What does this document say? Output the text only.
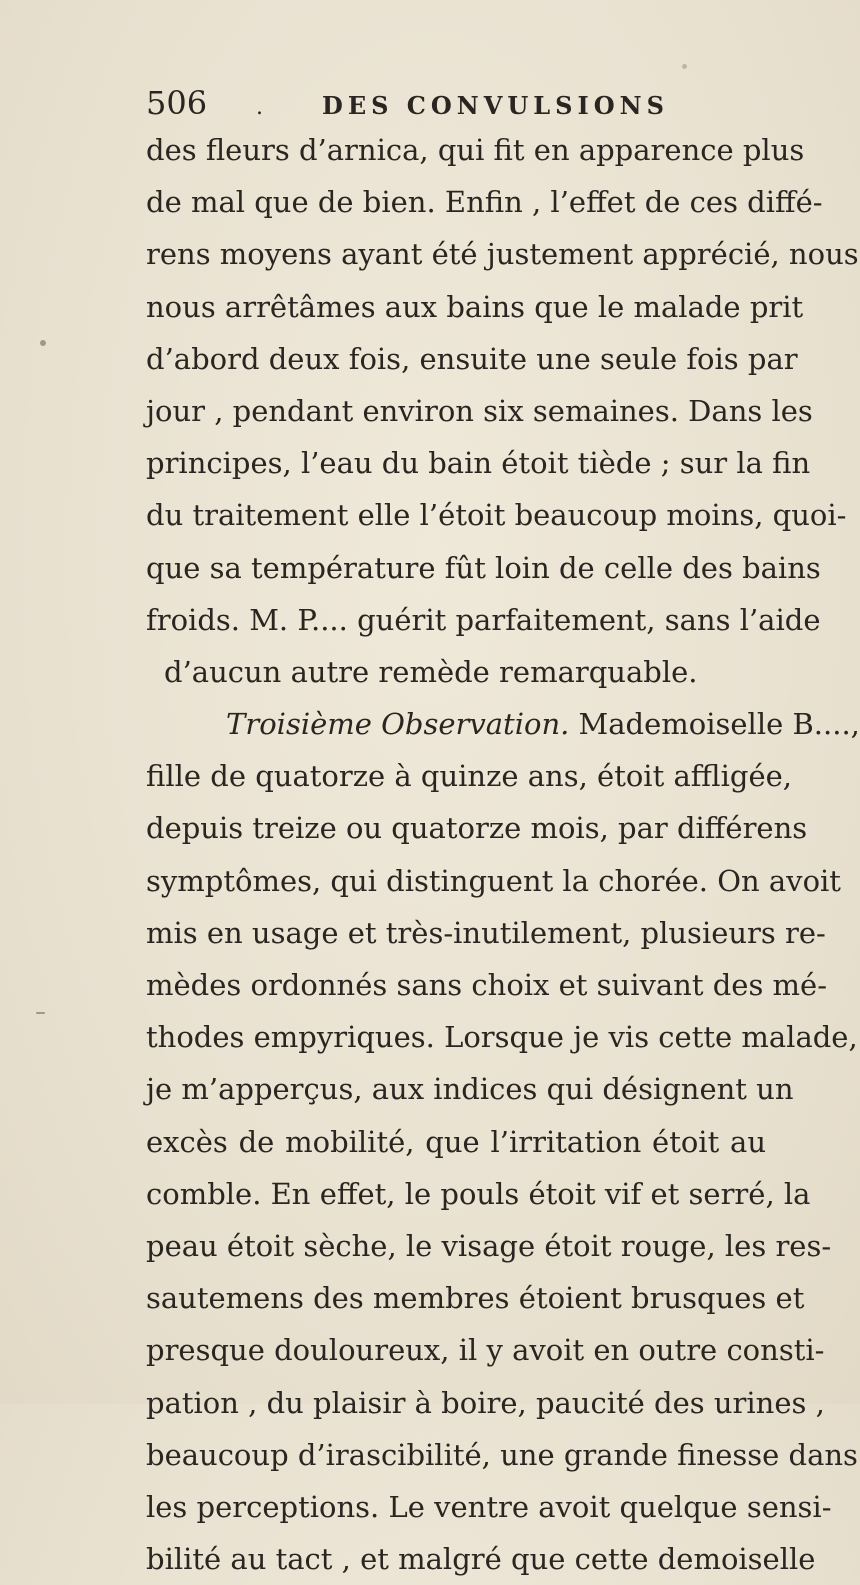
506	.	DES CONVULSIONS
des fleurs d’arnica, qui fit en apparence plus
de mal que de bien. Enfin , l’effet de ces diffé-
rens moyens ayant été justement apprécié, nous
nous arrêtâmes aux bains que le malade prit
d’abord deux fois, ensuite une seule fois par
jour , pendant environ six semaines. Dans les
principes, l’eau du bain étoit tiède ; sur la fin
du traitement elle l’étoit beaucoup moins, quoi-
que sa température fût loin de celle des bains
froids. M. P.... guérit parfaitement, sans l’aide
d’aucun autre remède remarquable.
Troisième Observation. Mademoiselle B....,
fille de quatorze à quinze ans, étoit affligée,
depuis treize ou quatorze mois, par différens
symptômes, qui distinguent la chorée. On avoit
mis en usage et très-inutilement, plusieurs re-
mèdes ordonnés sans choix et suivant des mé-
thodes empyriques. Lorsque je vis cette malade,
je m’apperçus, aux indices qui désignent un
excès de mobilité, que l’irritation étoit au
comble. En effet, le pouls étoit vif et serré, la
peau étoit sèche, le visage étoit rouge, les res-
sautemens des membres étoient brusques et
presque douloureux, il y avoit en outre consti-
pation , du plaisir à boire, paucité des urines ,
beaucoup d’irascibilité, une grande finesse dans
les perceptions. Le ventre avoit quelque sensi-
bilité au tact , et malgré que cette demoiselle
